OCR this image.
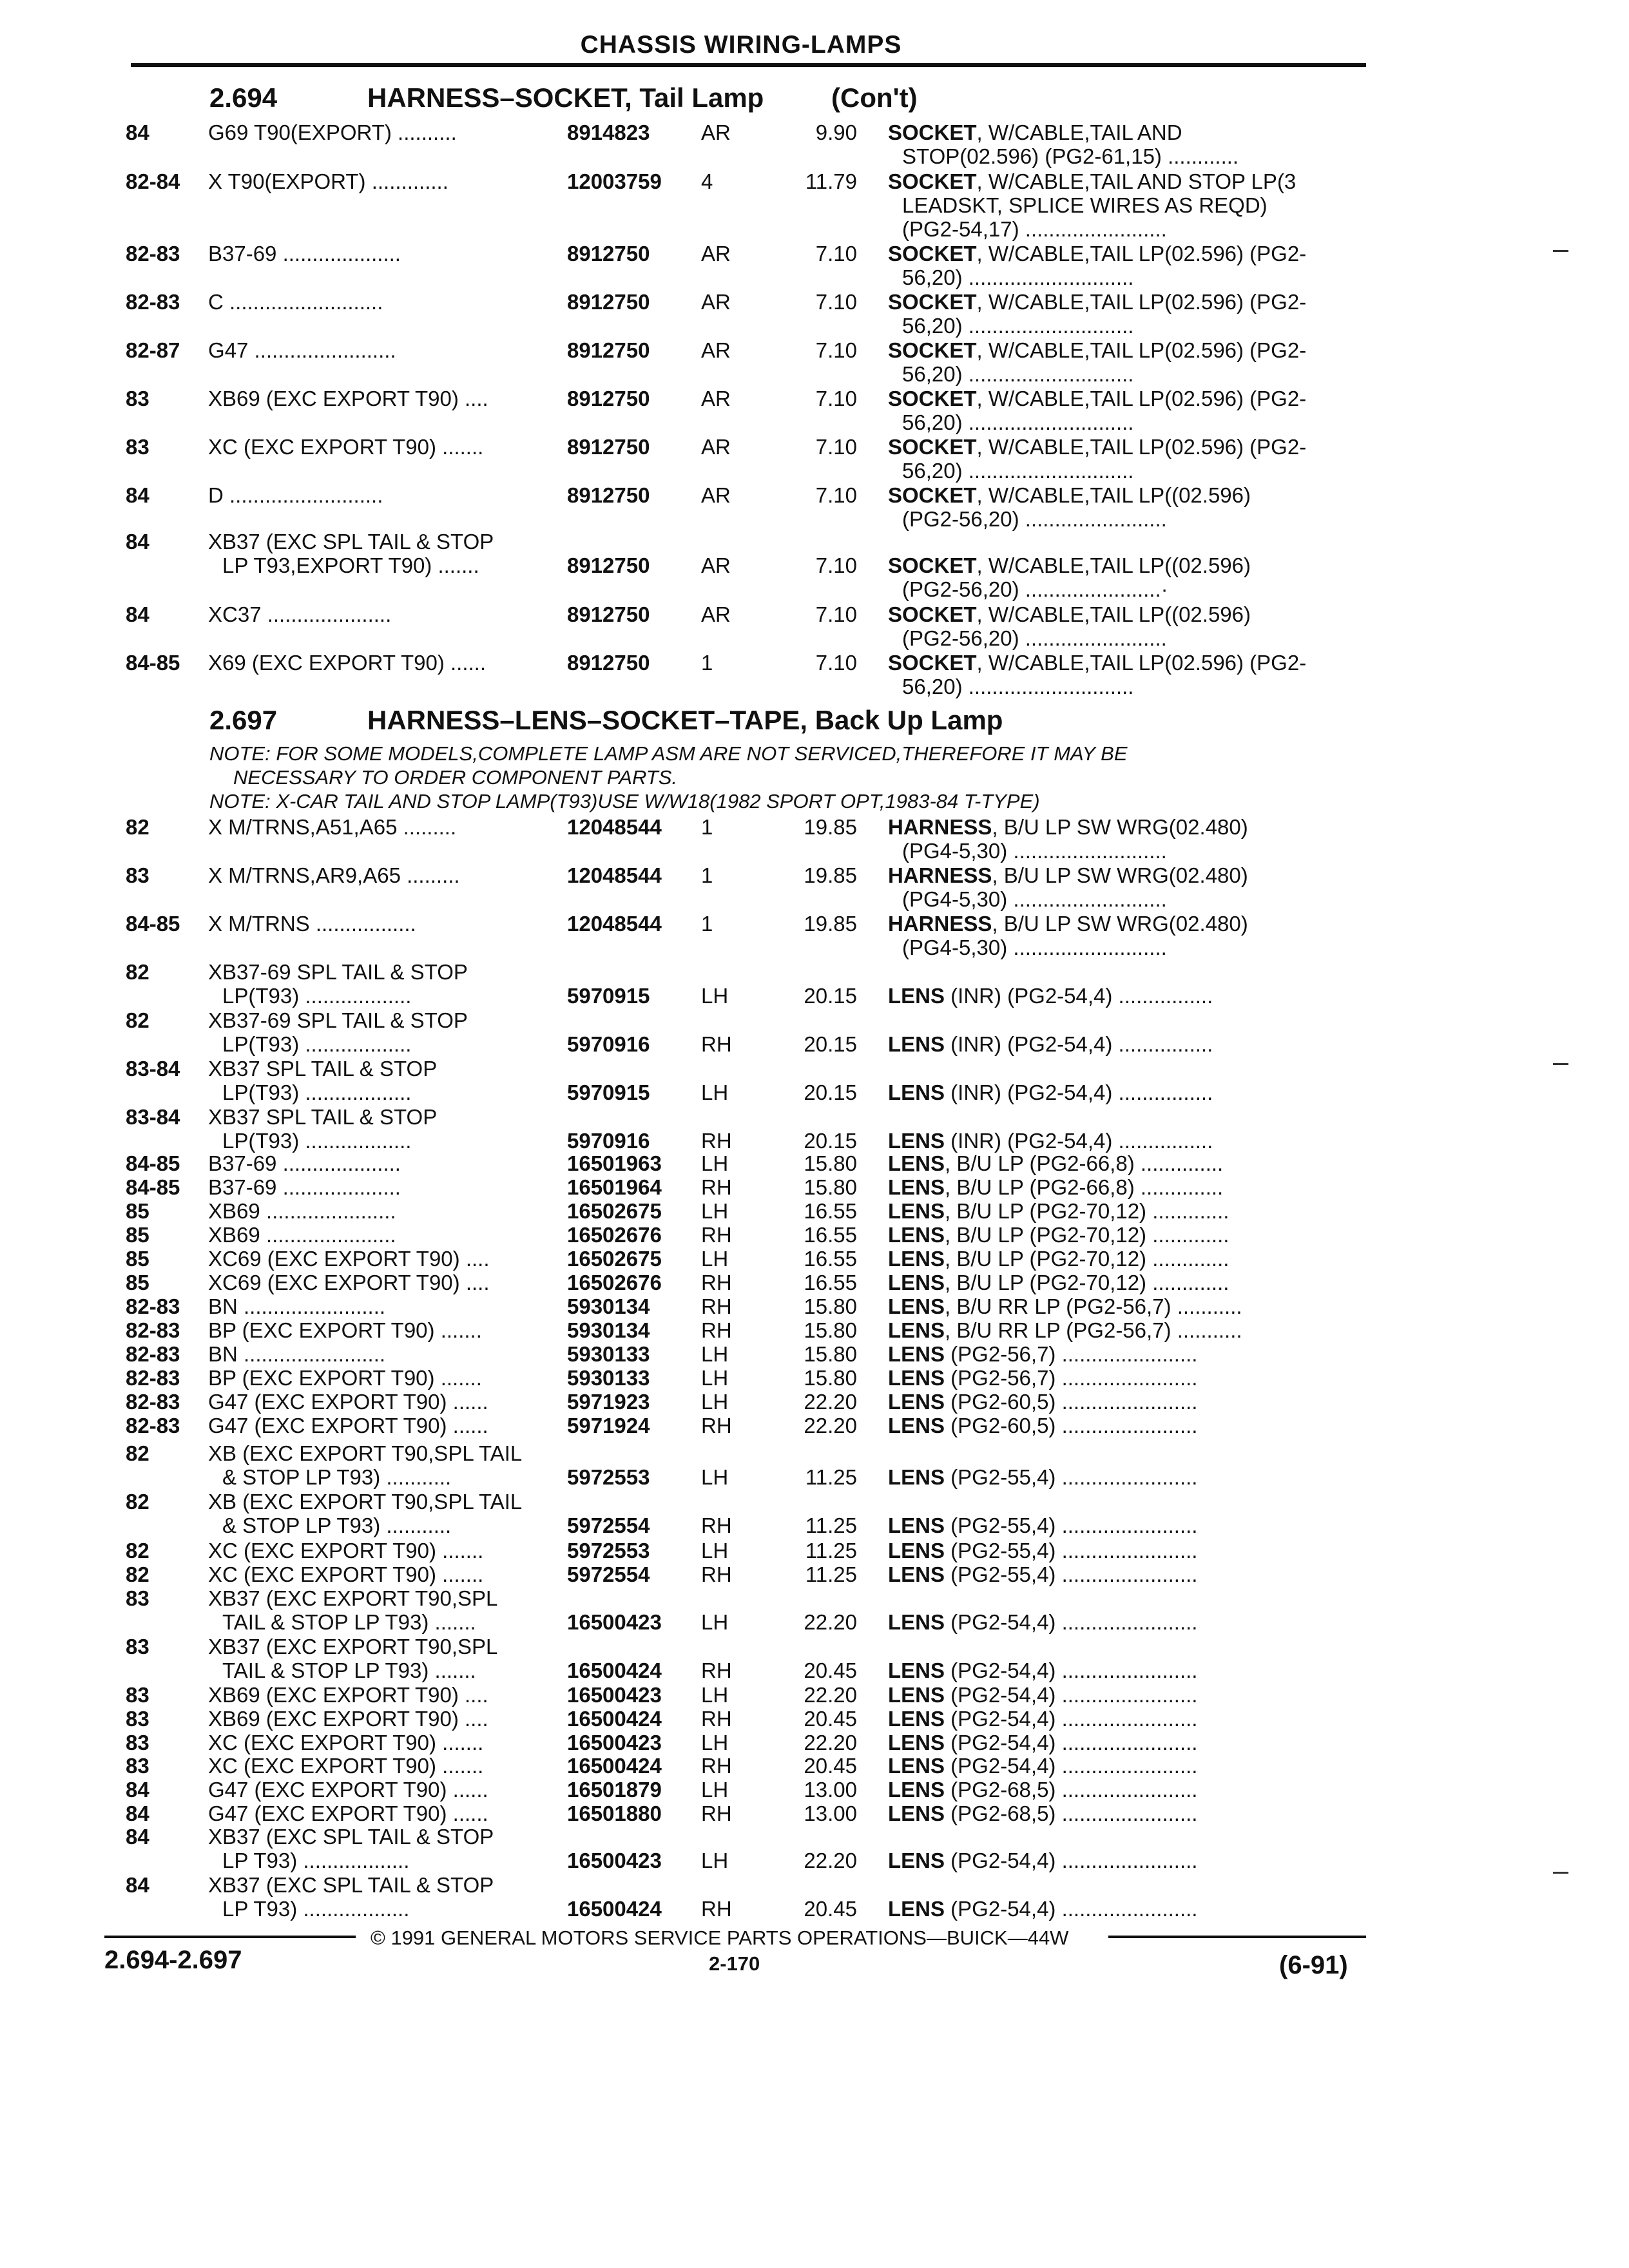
CHASSIS WIRING-LAMPS
2.694	HARNESS–SOCKET, Tail Lamp (Con't)
84	G69 T90(EXPORT) ..........	8914823 AR	9.90 SOCKET, W/CABLE,TAIL AND
STOP(02.596) (PG2-61,15) ............
82-84 X T90(EXPORT) .............	12003759 4	11.79 SOCKET, W/CABLE,TAIL AND STOP LP(3
LEADSKT, SPLICE WIRES AS REQD)
(PG2-54,17) ........................
82-83 B37-69 ....................	8912750 AR	7.10 SOCKET, W/CABLE,TAIL LP(02.596) (PG2-
56,20) ............................
82-83 C ..........................	8912750 AR	7.10 SOCKET, W/CABLE,TAIL LP(02.596) (PG2-
56,20) ............................
82-87 G47 ........................	8912750 AR	7.10 SOCKET, W/CABLE,TAIL LP(02.596) (PG2-
56,20) ............................
83	XB69 (EXC EXPORT T90) ....	8912750 AR	7.10 SOCKET, W/CABLE,TAIL LP(02.596) (PG2-
56,20) ............................
83	XC (EXC EXPORT T90) .......	8912750 AR	7.10 SOCKET, W/CABLE,TAIL LP(02.596) (PG2-
56,20) ............................
84	D ..........................	8912750 AR	7.10 SOCKET, W/CABLE,TAIL LP((02.596)
(PG2-56,20) ........................
84	XB37 (EXC SPL TAIL & STOP
LP T93,EXPORT T90) .......	8912750 AR	7.10 SOCKET, W/CABLE,TAIL LP((02.596)
(PG2-56,20) .......................·
84	XC37 .....................	8912750 AR	7.10 SOCKET, W/CABLE,TAIL LP((02.596)
(PG2-56,20) ........................
84-85 X69 (EXC EXPORT T90) ......	8912750 1	7.10 SOCKET, W/CABLE,TAIL LP(02.596) (PG2-
56,20) ............................
2.697	HARNESS–LENS–SOCKET–TAPE, Back Up Lamp
NOTE: FOR SOME MODELS,COMPLETE LAMP ASM ARE NOT SERVICED,THEREFORE IT MAY BE
NECESSARY TO ORDER COMPONENT PARTS.
NOTE: X-CAR TAIL AND STOP LAMP(T93)USE W/W18(1982 SPORT OPT,1983-84 T-TYPE)
82	X M/TRNS,A51,A65 .........	12048544 1	19.85 HARNESS, B/U LP SW WRG(02.480)
(PG4-5,30) ..........................
83	X M/TRNS,AR9,A65 .........	12048544 1	19.85 HARNESS, B/U LP SW WRG(02.480)
(PG4-5,30) ..........................
84-85 X M/TRNS .................	12048544 1	19.85 HARNESS, B/U LP SW WRG(02.480)
(PG4-5,30) ..........................
82	XB37-69 SPL TAIL & STOP
LP(T93) ..................	5970915 LH	20.15 LENS (INR) (PG2-54,4) ................
82	XB37-69 SPL TAIL & STOP
LP(T93) ..................	5970916 RH	20.15 LENS (INR) (PG2-54,4) ................
83-84 XB37 SPL TAIL & STOP
LP(T93) ..................	5970915 LH	20.15 LENS (INR) (PG2-54,4) ................
83-84 XB37 SPL TAIL & STOP
LP(T93) ..................	5970916 RH	20.15 LENS (INR) (PG2-54,4) ................
84-85 B37-69 ....................	16501963 LH	15.80 LENS, B/U LP (PG2-66,8) ..............
84-85 B37-69 ....................	16501964 RH	15.80 LENS, B/U LP (PG2-66,8) ..............
85	XB69 ......................	16502675 LH	16.55 LENS, B/U LP (PG2-70,12) .............
85	XB69 ......................	16502676 RH	16.55 LENS, B/U LP (PG2-70,12) .............
85	XC69 (EXC EXPORT T90) ....	16502675 LH	16.55 LENS, B/U LP (PG2-70,12) .............
85	XC69 (EXC EXPORT T90) ....	16502676 RH	16.55 LENS, B/U LP (PG2-70,12) .............
82-83 BN ........................	5930134 RH	15.80 LENS, B/U RR LP (PG2-56,7) ...........
82-83 BP (EXC EXPORT T90) .......	5930134 RH	15.80 LENS, B/U RR LP (PG2-56,7) ...........
82-83 BN ........................	5930133 LH	15.80 LENS (PG2-56,7) .......................
82-83 BP (EXC EXPORT T90) .......	5930133 LH	15.80 LENS (PG2-56,7) .......................
82-83 G47 (EXC EXPORT T90) ......	5971923 LH	22.20 LENS (PG2-60,5) .......................
82-83 G47 (EXC EXPORT T90) ......	5971924 RH	22.20 LENS (PG2-60,5) .......................
82	XB (EXC EXPORT T90,SPL TAIL
& STOP LP T93) ...........	5972553 LH	11.25 LENS (PG2-55,4) .......................
82	XB (EXC EXPORT T90,SPL TAIL
& STOP LP T93) ...........	5972554 RH	11.25 LENS (PG2-55,4) .......................
82	XC (EXC EXPORT T90) .......	5972553 LH	11.25 LENS (PG2-55,4) .......................
82	XC (EXC EXPORT T90) .......	5972554 RH	11.25 LENS (PG2-55,4) .......................
83	XB37 (EXC EXPORT T90,SPL
TAIL & STOP LP T93) .......	16500423 LH	22.20 LENS (PG2-54,4) .......................
83	XB37 (EXC EXPORT T90,SPL
TAIL & STOP LP T93) .......	16500424 RH	20.45 LENS (PG2-54,4) .......................
83	XB69 (EXC EXPORT T90) ....	16500423 LH	22.20 LENS (PG2-54,4) .......................
83	XB69 (EXC EXPORT T90) ....	16500424 RH	20.45 LENS (PG2-54,4) .......................
83	XC (EXC EXPORT T90) .......	16500423 LH	22.20 LENS (PG2-54,4) .......................
83	XC (EXC EXPORT T90) .......	16500424 RH	20.45 LENS (PG2-54,4) .......................
84	G47 (EXC EXPORT T90) ......	16501879 LH	13.00 LENS (PG2-68,5) .......................
84	G47 (EXC EXPORT T90) ......	16501880 RH	13.00 LENS (PG2-68,5) .......................
84	XB37 (EXC SPL TAIL & STOP
LP T93) ..................	16500423 LH	22.20 LENS (PG2-54,4) .......................
84	XB37 (EXC SPL TAIL & STOP
LP T93) ..................	16500424 RH	20.45 LENS (PG2-54,4) .......................
© 1991 GENERAL MOTORS SERVICE PARTS OPERATIONS—BUICK—44W
2.694-2.697	2-170	(6-91)
